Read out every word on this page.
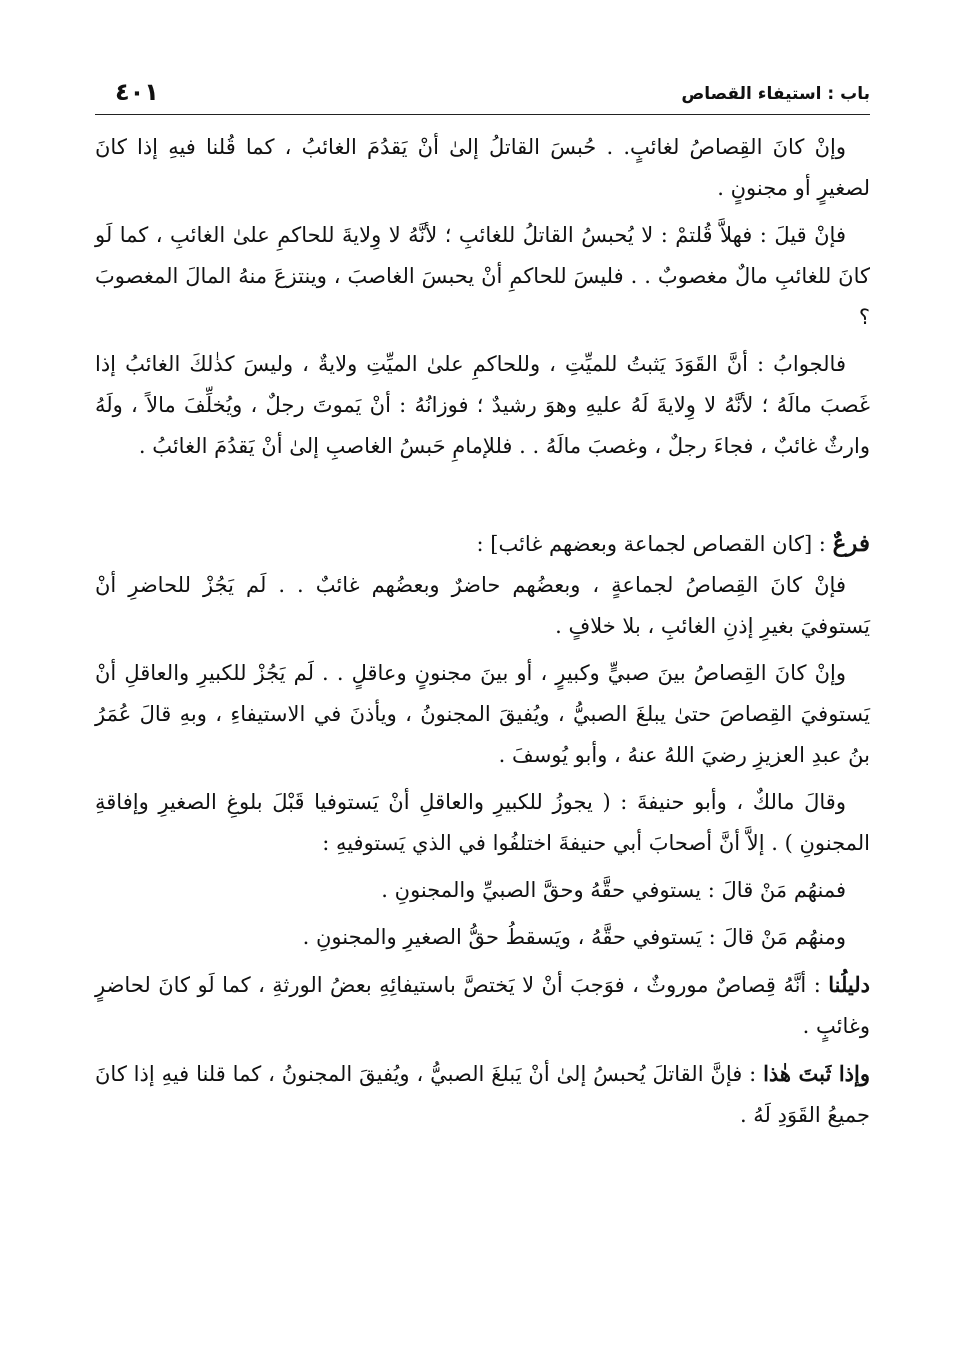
باب : استيفاء القصاص
٤٠١

وإنْ كانَ القِصاصُ لغائبٍ. . حُبسَ القاتلُ إلىٰ أنْ يَقدُمَ الغائبُ ، كما قُلنا فيهِ إذا كانَ لصغيرٍ أو مجنونٍ .

فإنْ قيلَ : فهلاَّ قُلتمْ : لا يُحبسُ القاتلُ للغائبِ ؛ لأنَّهُ لا وِلايةَ للحاكمِ علىٰ الغائبِ ، كما لَو كانَ للغائبِ مالٌ مغصوبٌ . . فليسَ للحاكمِ أنْ يحبسَ الغاصبَ ، وينتزعَ منهُ المالَ المغصوبَ ؟

فالجوابُ : أنَّ القَوَدَ يَثبتُ للميِّتِ ، وللحاكمِ علىٰ الميِّتِ ولايةٌ ، وليسَ كذٰلكَ الغائبُ إذا غَصبَ مالَهُ ؛ لأنَّهُ لا وِلايةَ لَهُ عليهِ وهوَ رشيدٌ ؛ فوزانُهُ : أنْ يَموتَ رجلٌ ، ويُخلِّفَ مالاً ، ولَهُ وارثٌ غائبٌ ، فجاءَ رجلٌ ، وغصبَ مالَهُ . . فللإمامِ حَبسُ الغاصبِ إلىٰ أنْ يَقدُمَ الغائبُ .

فرعٌ : [كان القصاص لجماعة وبعضهم غائب] :

فإنْ كانَ القِصاصُ لجماعةٍ ، وبعضُهم حاضرٌ وبعضُهم غائبٌ . . لَم يَجُزْ للحاضرِ أنْ يَستوفيَ بغيرِ إذنِ الغائبِ ، بلا خلافٍ .

وإنْ كانَ القِصاصُ بينَ صبيٍّ وكبيرٍ ، أو بينَ مجنونٍ وعاقلٍ . . لَم يَجُزْ للكبيرِ والعاقلِ أنْ يَستوفيَ القِصاصَ حتىٰ يبلغَ الصبيُّ ، ويُفيقَ المجنونُ ، ويأذنَ في الاستيفاءِ ، وبهِ قالَ عُمَرُ بنُ عبدِ العزيزِ رضيَ اللهُ عنهُ ، وأبو يُوسفَ .

وقالَ مالكٌ ، وأبو حنيفةَ : ( يجوزُ للكبيرِ والعاقلِ أنْ يَستوفيا قَبْلَ بلوغِ الصغيرِ وإفاقةِ المجنونِ ) . إلاَّ أنَّ أصحابَ أبي حنيفةَ اختلفُوا في الذي يَستوفيهِ :

فمنهُم مَنْ قالَ : يستوفي حقَّهُ وحقَّ الصبيِّ والمجنونِ .

ومنهُم مَنْ قالَ : يَستوفي حقَّهُ ، ويَسقطُ حقُّ الصغيرِ والمجنونِ .

دليلُنا : أنَّهُ قِصاصٌ موروثٌ ، فوَجبَ أنْ لا يَختصَّ باستيفائِهِ بعضُ الورثةِ ، كما لَو كانَ لحاضرٍ وغائبٍ .

وإذا ثَبتَ هٰذا : فإنَّ القاتلَ يُحبسُ إلىٰ أنْ يَبلغَ الصبيُّ ، ويُفيقَ المجنونُ ، كما قلنا فيهِ إذا كانَ جميعُ القَوَدِ لَهُ .
